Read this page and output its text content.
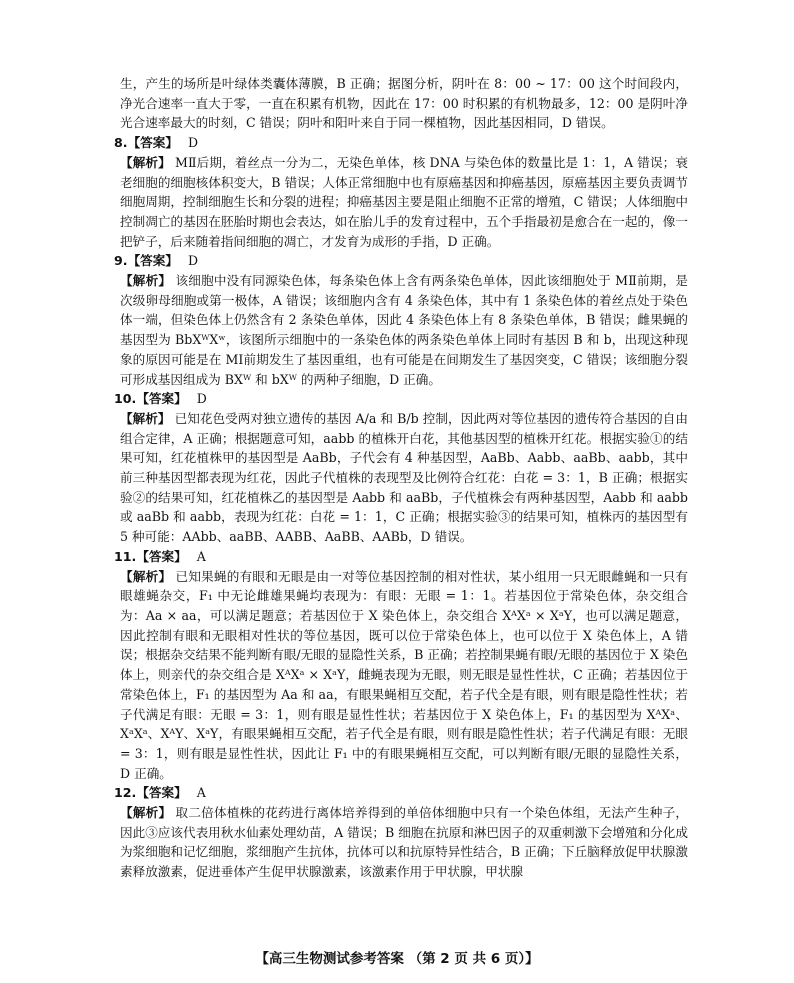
生，产生的场所是叶绿体类囊体薄膜，B 正确；据图分析，阴叶在 8：00 ~ 17：00 这个时间段内，净光合速率一直大于零，一直在积累有机物，因此在 17：00 时积累的有机物最多，12：00 是阴叶净光合速率最大的时刻，C 错误；阴叶和阳叶来自于同一棵植物，因此基因相同，D 错误。

8.【答案】 D

【解析】 MⅡ后期，着丝点一分为二，无染色单体，核 DNA 与染色体的数量比是 1：1，A 错误；衰老细胞的细胞核体积变大，B 错误；人体正常细胞中也有原癌基因和抑癌基因，原癌基因主要负责调节细胞周期，控制细胞生长和分裂的进程；抑癌基因主要是阻止细胞不正常的增殖，C 错误；人体细胞中控制凋亡的基因在胚胎时期也会表达，如在胎儿手的发育过程中，五个手指最初是愈合在一起的，像一把铲子，后来随着指间细胞的凋亡，才发育为成形的手指，D 正确。

9.【答案】 D

【解析】 该细胞中没有同源染色体，每条染色体上含有两条染色单体，因此该细胞处于 MⅡ前期，是次级卵母细胞或第一极体，A 错误；该细胞内含有 4 条染色体，其中有 1 条染色体的着丝点处于染色体一端，但染色体上仍然含有 2 条染色单体，因此 4 条染色体上有 8 条染色单体，B 错误；雌果蝇的基因型为 BbXᵂXʷ，该图所示细胞中的一条染色体的两条染色单体上同时有基因 B 和 b，出现这种现象的原因可能是在 MⅠ前期发生了基因重组，也有可能是在间期发生了基因突变，C 错误；该细胞分裂可形成基因组成为 BXᵂ 和 bXᵂ 的两种子细胞，D 正确。

10.【答案】 D

【解析】 已知花色受两对独立遗传的基因 A/a 和 B/b 控制，因此两对等位基因的遗传符合基因的自由组合定律，A 正确；根据题意可知，aabb 的植株开白花，其他基因型的植株开红花。根据实验①的结果可知，红花植株甲的基因型是 AaBb，子代会有 4 种基因型，AaBb、Aabb、aaBb、aabb，其中前三种基因型都表现为红花，因此子代植株的表现型及比例符合红花：白花 = 3：1，B 正确；根据实验②的结果可知，红花植株乙的基因型是 Aabb 和 aaBb，子代植株会有两种基因型，Aabb 和 aabb 或 aaBb 和 aabb，表现为红花：白花 = 1：1，C 正确；根据实验③的结果可知，植株丙的基因型有 5 种可能：AAbb、aaBB、AABB、AaBB、AABb，D 错误。

11.【答案】 A

【解析】 已知果蝇的有眼和无眼是由一对等位基因控制的相对性状，某小组用一只无眼雌蝇和一只有眼雄蝇杂交，F₁ 中无论雌雄果蝇均表现为：有眼：无眼 = 1：1。若基因位于常染色体，杂交组合为：Aa × aa，可以满足题意；若基因位于 X 染色体上，杂交组合 XᴬXᵃ × XᵃY，也可以满足题意，因此控制有眼和无眼相对性状的等位基因，既可以位于常染色体上，也可以位于 X 染色体上，A 错误；根据杂交结果不能判断有眼/无眼的显隐性关系，B 正确；若控制果蝇有眼/无眼的基因位于 X 染色体上，则亲代的杂交组合是 XᴬXᵃ × XᵃY，雌蝇表现为无眼，则无眼是显性性状，C 正确；若基因位于常染色体上，F₁ 的基因型为 Aa 和 aa，有眼果蝇相互交配，若子代全是有眼，则有眼是隐性性状；若子代满足有眼：无眼 = 3：1，则有眼是显性性状；若基因位于 X 染色体上，F₁ 的基因型为 XᴬXᵃ、XᵃXᵃ、XᴬY、XᵃY，有眼果蝇相互交配，若子代全是有眼，则有眼是隐性性状；若子代满足有眼：无眼 = 3：1，则有眼是显性性状，因此让 F₁ 中的有眼果蝇相互交配，可以判断有眼/无眼的显隐性关系，D 正确。

12.【答案】 A

【解析】 取二倍体植株的花药进行离体培养得到的单倍体细胞中只有一个染色体组，无法产生种子，因此③应该代表用秋水仙素处理幼苗，A 错误；B 细胞在抗原和淋巴因子的双重刺激下会增殖和分化成为浆细胞和记忆细胞，浆细胞产生抗体，抗体可以和抗原特异性结合，B 正确；下丘脑释放促甲状腺激素释放激素，促进垂体产生促甲状腺激素，该激素作用于甲状腺，甲状腺

【高三生物测试参考答案 （第 2 页 共 6 页）】
